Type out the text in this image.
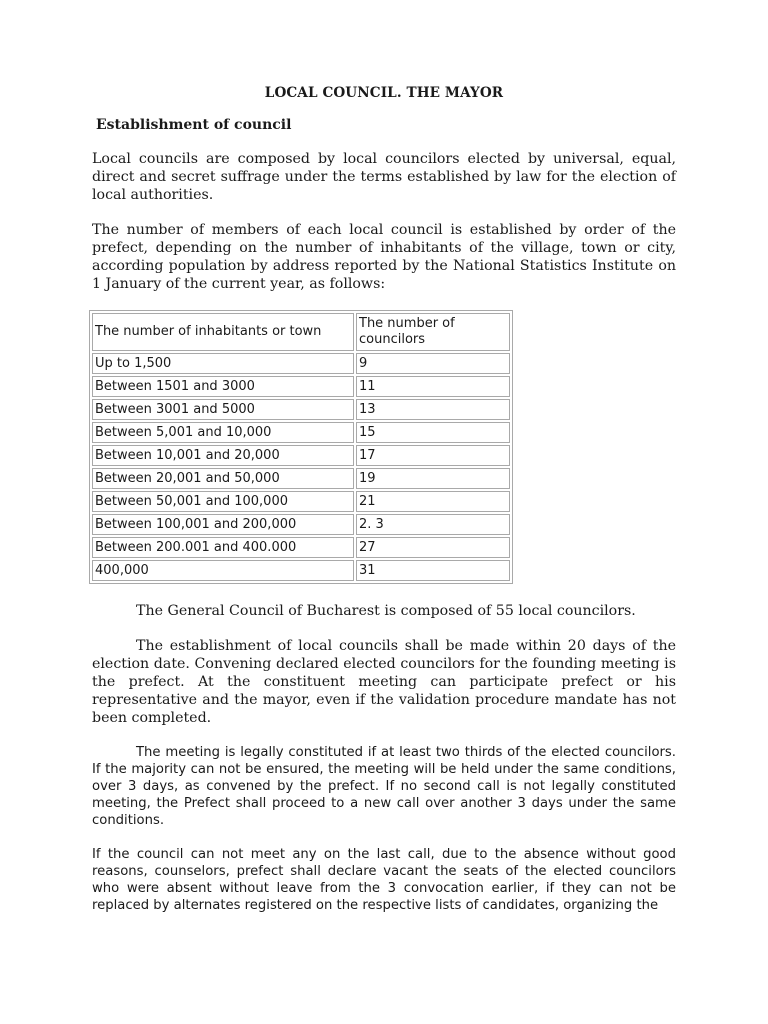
LOCAL COUNCIL. THE MAYOR
Establishment of council

Local councils are composed by local councilors elected by universal, equal, direct and secret suffrage under the terms established by law for the election of local authorities.

The number of members of each local council is established by order of the prefect, depending on the number of inhabitants of the village, town or city, according population by address reported by the National Statistics Institute on 1 January of the current year, as follows:

The number of inhabitants or town	The number of councilors
Up to 1,500	9
Between 1501 and 3000	11
Between 3001 and 5000	13
Between 5,001 and 10,000	15
Between 10,001 and 20,000	17
Between 20,001 and 50,000	19
Between 50,001 and 100,000	21
Between 100,001 and 200,000	2. 3
Between 200.001 and 400.000	27
400,000	31

The General Council of Bucharest is composed of 55 local councilors.

The establishment of local councils shall be made within 20 days of the election date. Convening declared elected councilors for the founding meeting is the prefect. At the constituent meeting can participate prefect or his representative and the mayor, even if the validation procedure mandate has not been completed.

The meeting is legally constituted if at least two thirds of the elected councilors. If the majority can not be ensured, the meeting will be held under the same conditions, over 3 days, as convened by the prefect. If no second call is not legally constituted meeting, the Prefect shall proceed to a new call over another 3 days under the same conditions.

If the council can not meet any on the last call, due to the absence without good reasons, counselors, prefect shall declare vacant the seats of the elected councilors who were absent without leave from the 3 convocation earlier, if they can not be replaced by alternates registered on the respective lists of candidates, organizing the
